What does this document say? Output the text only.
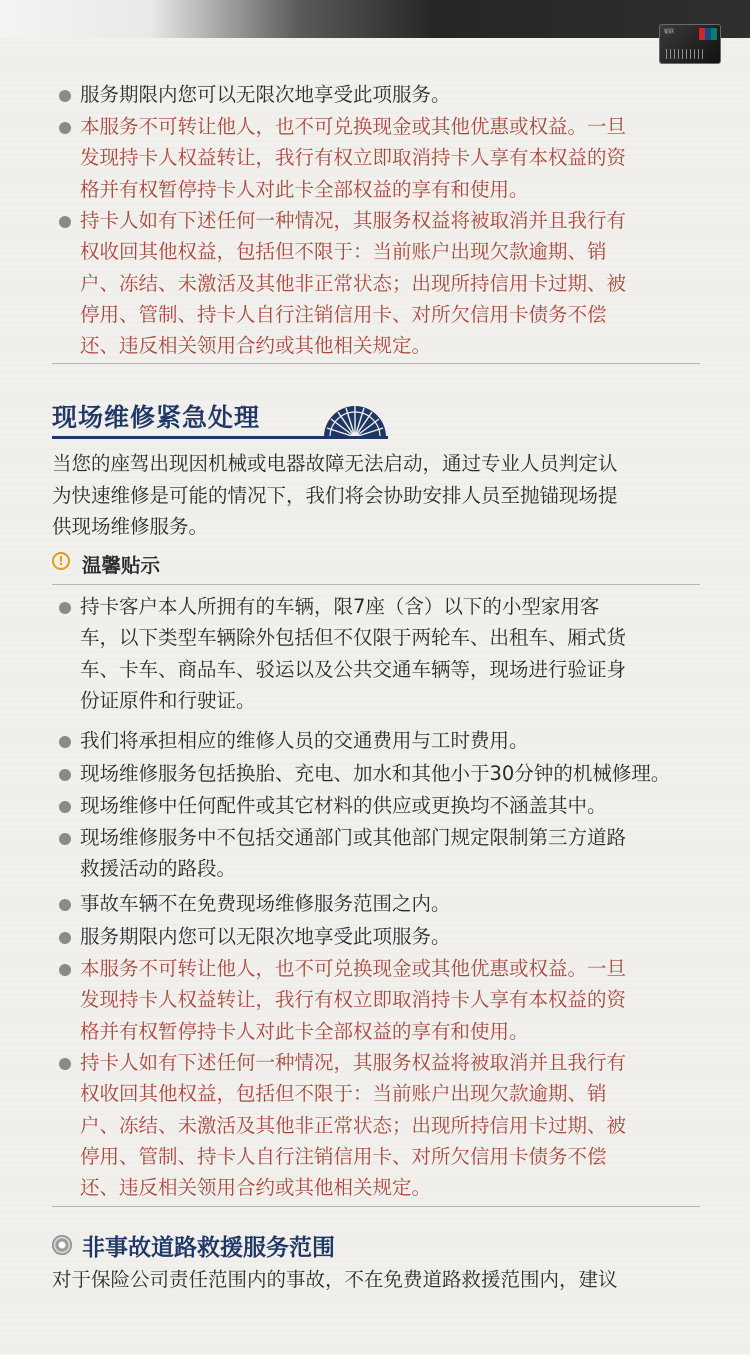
银联
服务期限内您可以无限次地享受此项服务。
本服务不可转让他人，也不可兑换现金或其他优惠或权益。一旦
发现持卡人权益转让，我行有权立即取消持卡人享有本权益的资
格并有权暂停持卡人对此卡全部权益的享有和使用。
持卡人如有下述任何一种情况，其服务权益将被取消并且我行有
权收回其他权益，包括但不限于：当前账户出现欠款逾期、销
户、冻结、未激活及其他非正常状态；出现所持信用卡过期、被
停用、管制、持卡人自行注销信用卡、对所欠信用卡债务不偿
还、违反相关领用合约或其他相关规定。
现场维修紧急处理
当您的座驾出现因机械或电器故障无法启动，通过专业人员判定认
为快速维修是可能的情况下，我们将会协助安排人员至抛锚现场提
供现场维修服务。
! 温馨贴示
持卡客户本人所拥有的车辆，限7座（含）以下的小型家用客
车，以下类型车辆除外包括但不仅限于两轮车、出租车、厢式货
车、卡车、商品车、驳运以及公共交通车辆等，现场进行验证身
份证原件和行驶证。
我们将承担相应的维修人员的交通费用与工时费用。
现场维修服务包括换胎、充电、加水和其他小于30分钟的机械修理。
现场维修中任何配件或其它材料的供应或更换均不涵盖其中。
现场维修服务中不包括交通部门或其他部门规定限制第三方道路
救援活动的路段。
事故车辆不在免费现场维修服务范围之内。
服务期限内您可以无限次地享受此项服务。
本服务不可转让他人，也不可兑换现金或其他优惠或权益。一旦
发现持卡人权益转让，我行有权立即取消持卡人享有本权益的资
格并有权暂停持卡人对此卡全部权益的享有和使用。
持卡人如有下述任何一种情况，其服务权益将被取消并且我行有
权收回其他权益，包括但不限于：当前账户出现欠款逾期、销
户、冻结、未激活及其他非正常状态；出现所持信用卡过期、被
停用、管制、持卡人自行注销信用卡、对所欠信用卡债务不偿
还、违反相关领用合约或其他相关规定。
非事故道路救援服务范围
对于保险公司责任范围内的事故，不在免费道路救援范围内，建议
